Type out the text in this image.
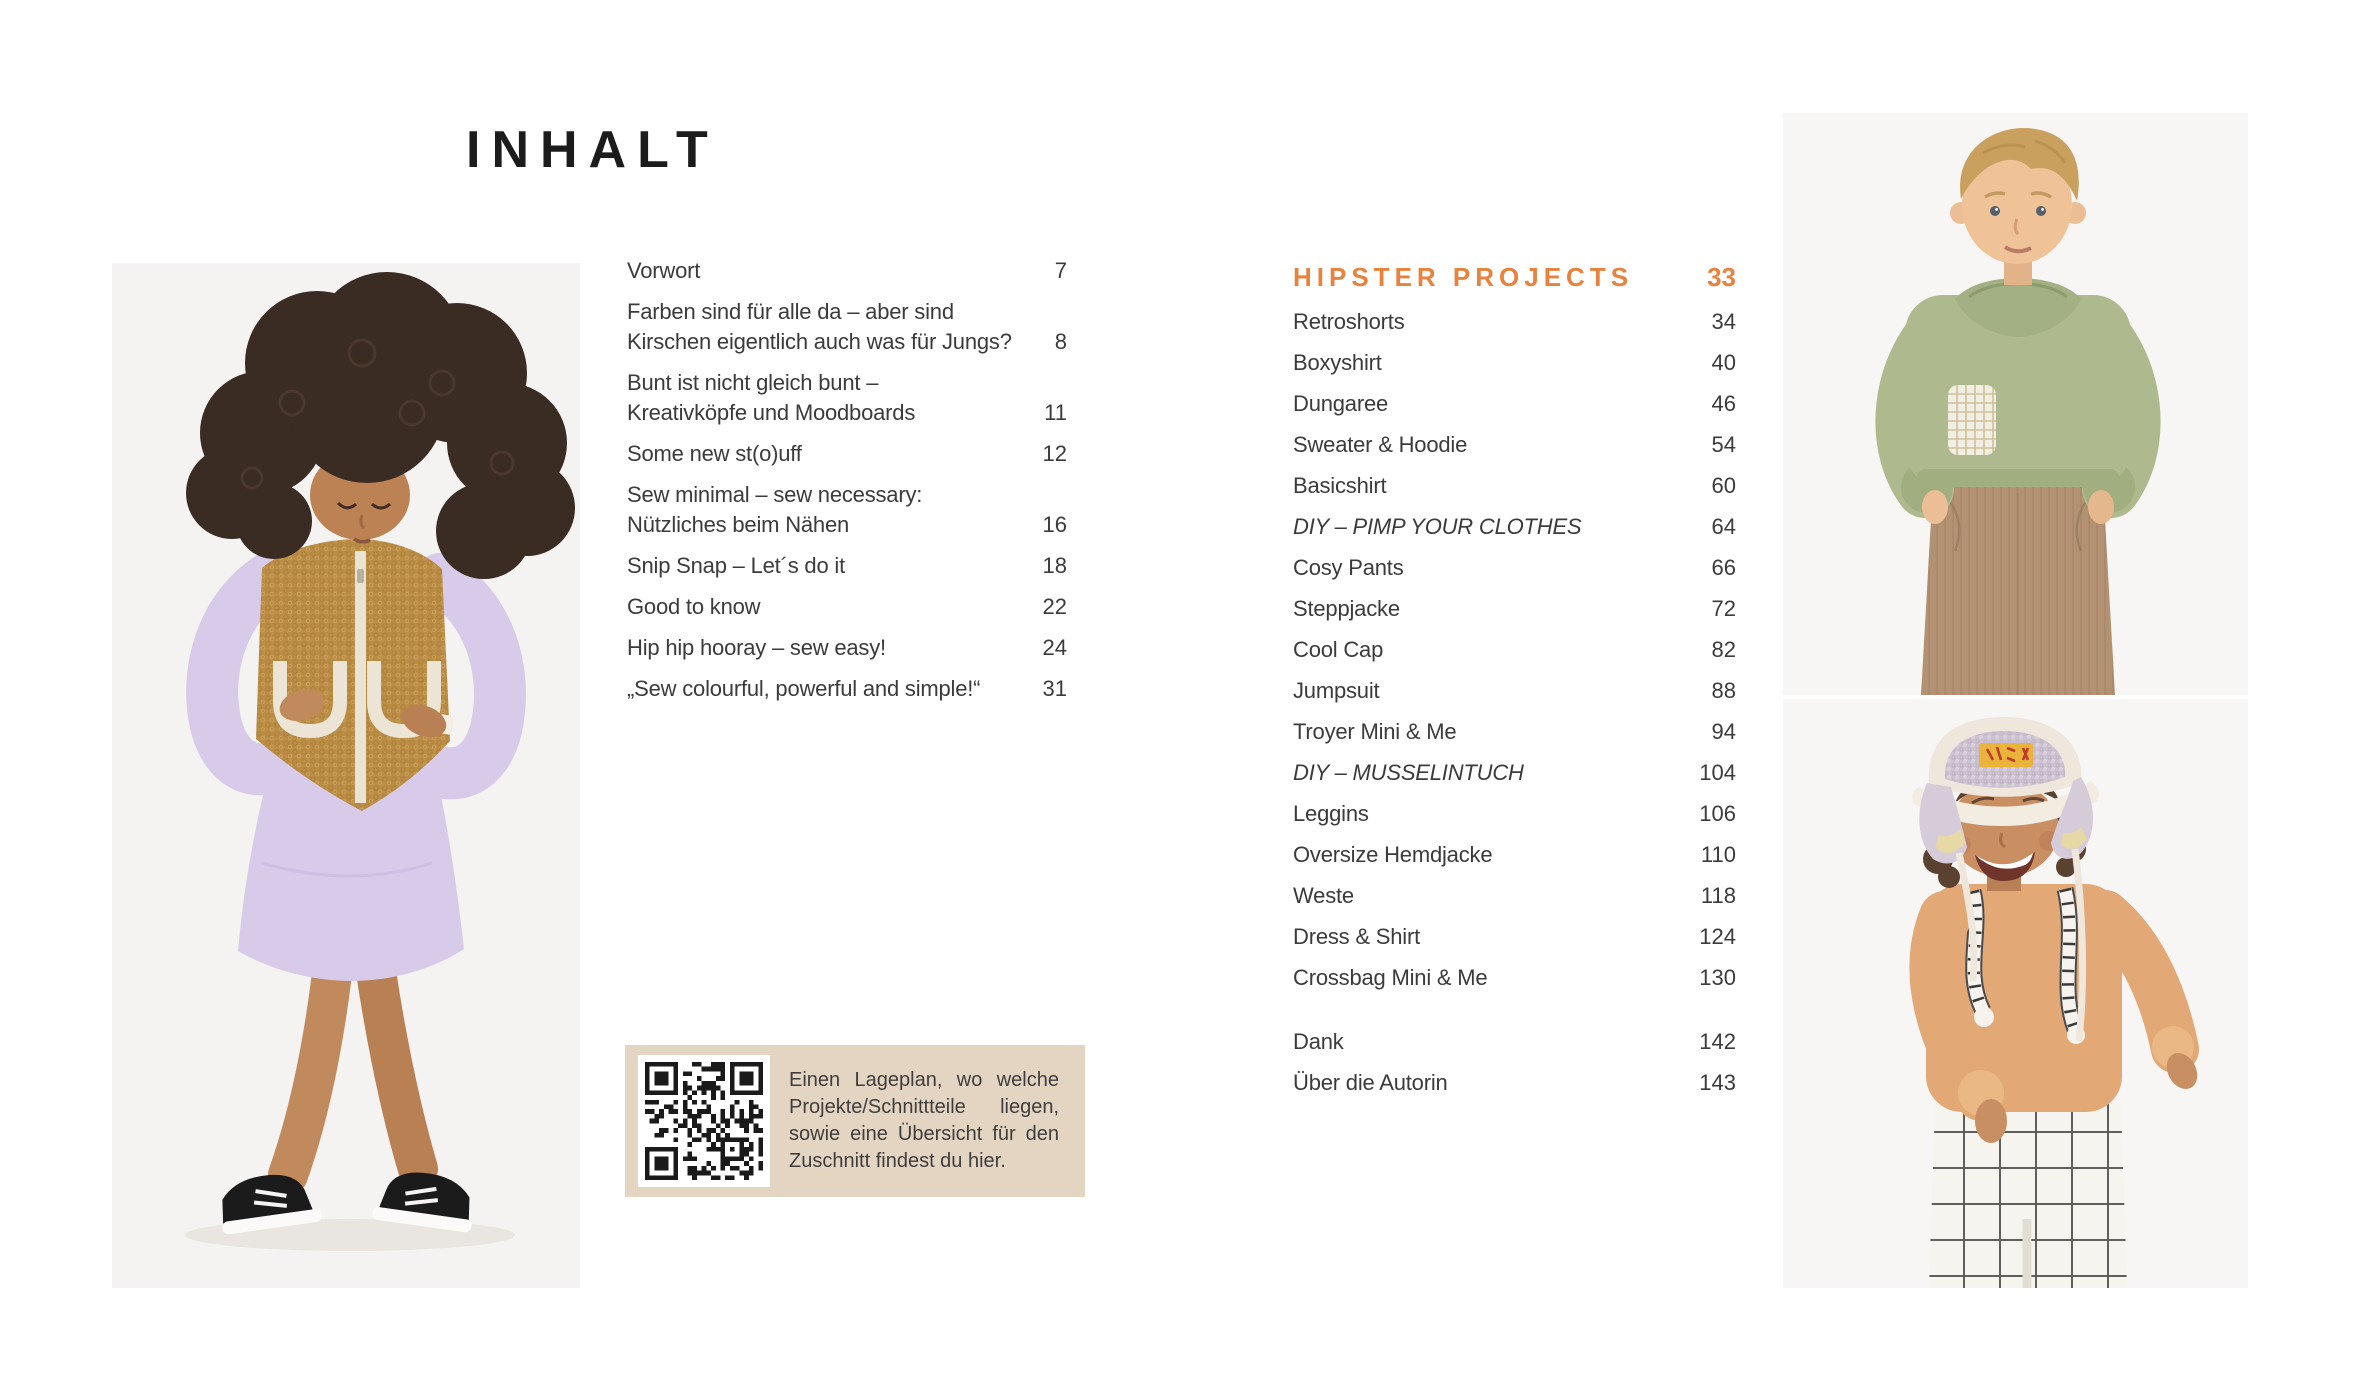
INHALT
Vorwort	7
Farben sind für alle da – aber sind
Kirschen eigentlich auch was für Jungs?	8
Bunt ist nicht gleich bunt –
Kreativköpfe und Moodboards	11
Some new st(o)uff	12
Sew minimal – sew necessary:
Nützliches beim Nähen	16
Snip Snap – Let´s do it	18
Good to know	22
Hip hip hooray – sew easy!	24
„Sew colourful, powerful and simple!“	31

Einen Lageplan, wo welche Projekte/Schnittteile liegen, sowie eine Übersicht für den Zuschnitt findest du hier.

HIPSTER PROJECTS	33
Retroshorts	34
Boxyshirt	40
Dungaree	46
Sweater & Hoodie	54
Basicshirt	60
DIY – PIMP YOUR CLOTHES	64
Cosy Pants	66
Steppjacke	72
Cool Cap	82
Jumpsuit	88
Troyer Mini & Me	94
DIY – MUSSELINTUCH	104
Leggins	106
Oversize Hemdjacke	110
Weste	118
Dress & Shirt	124
Crossbag Mini & Me	130
Dank	142
Über die Autorin	143
